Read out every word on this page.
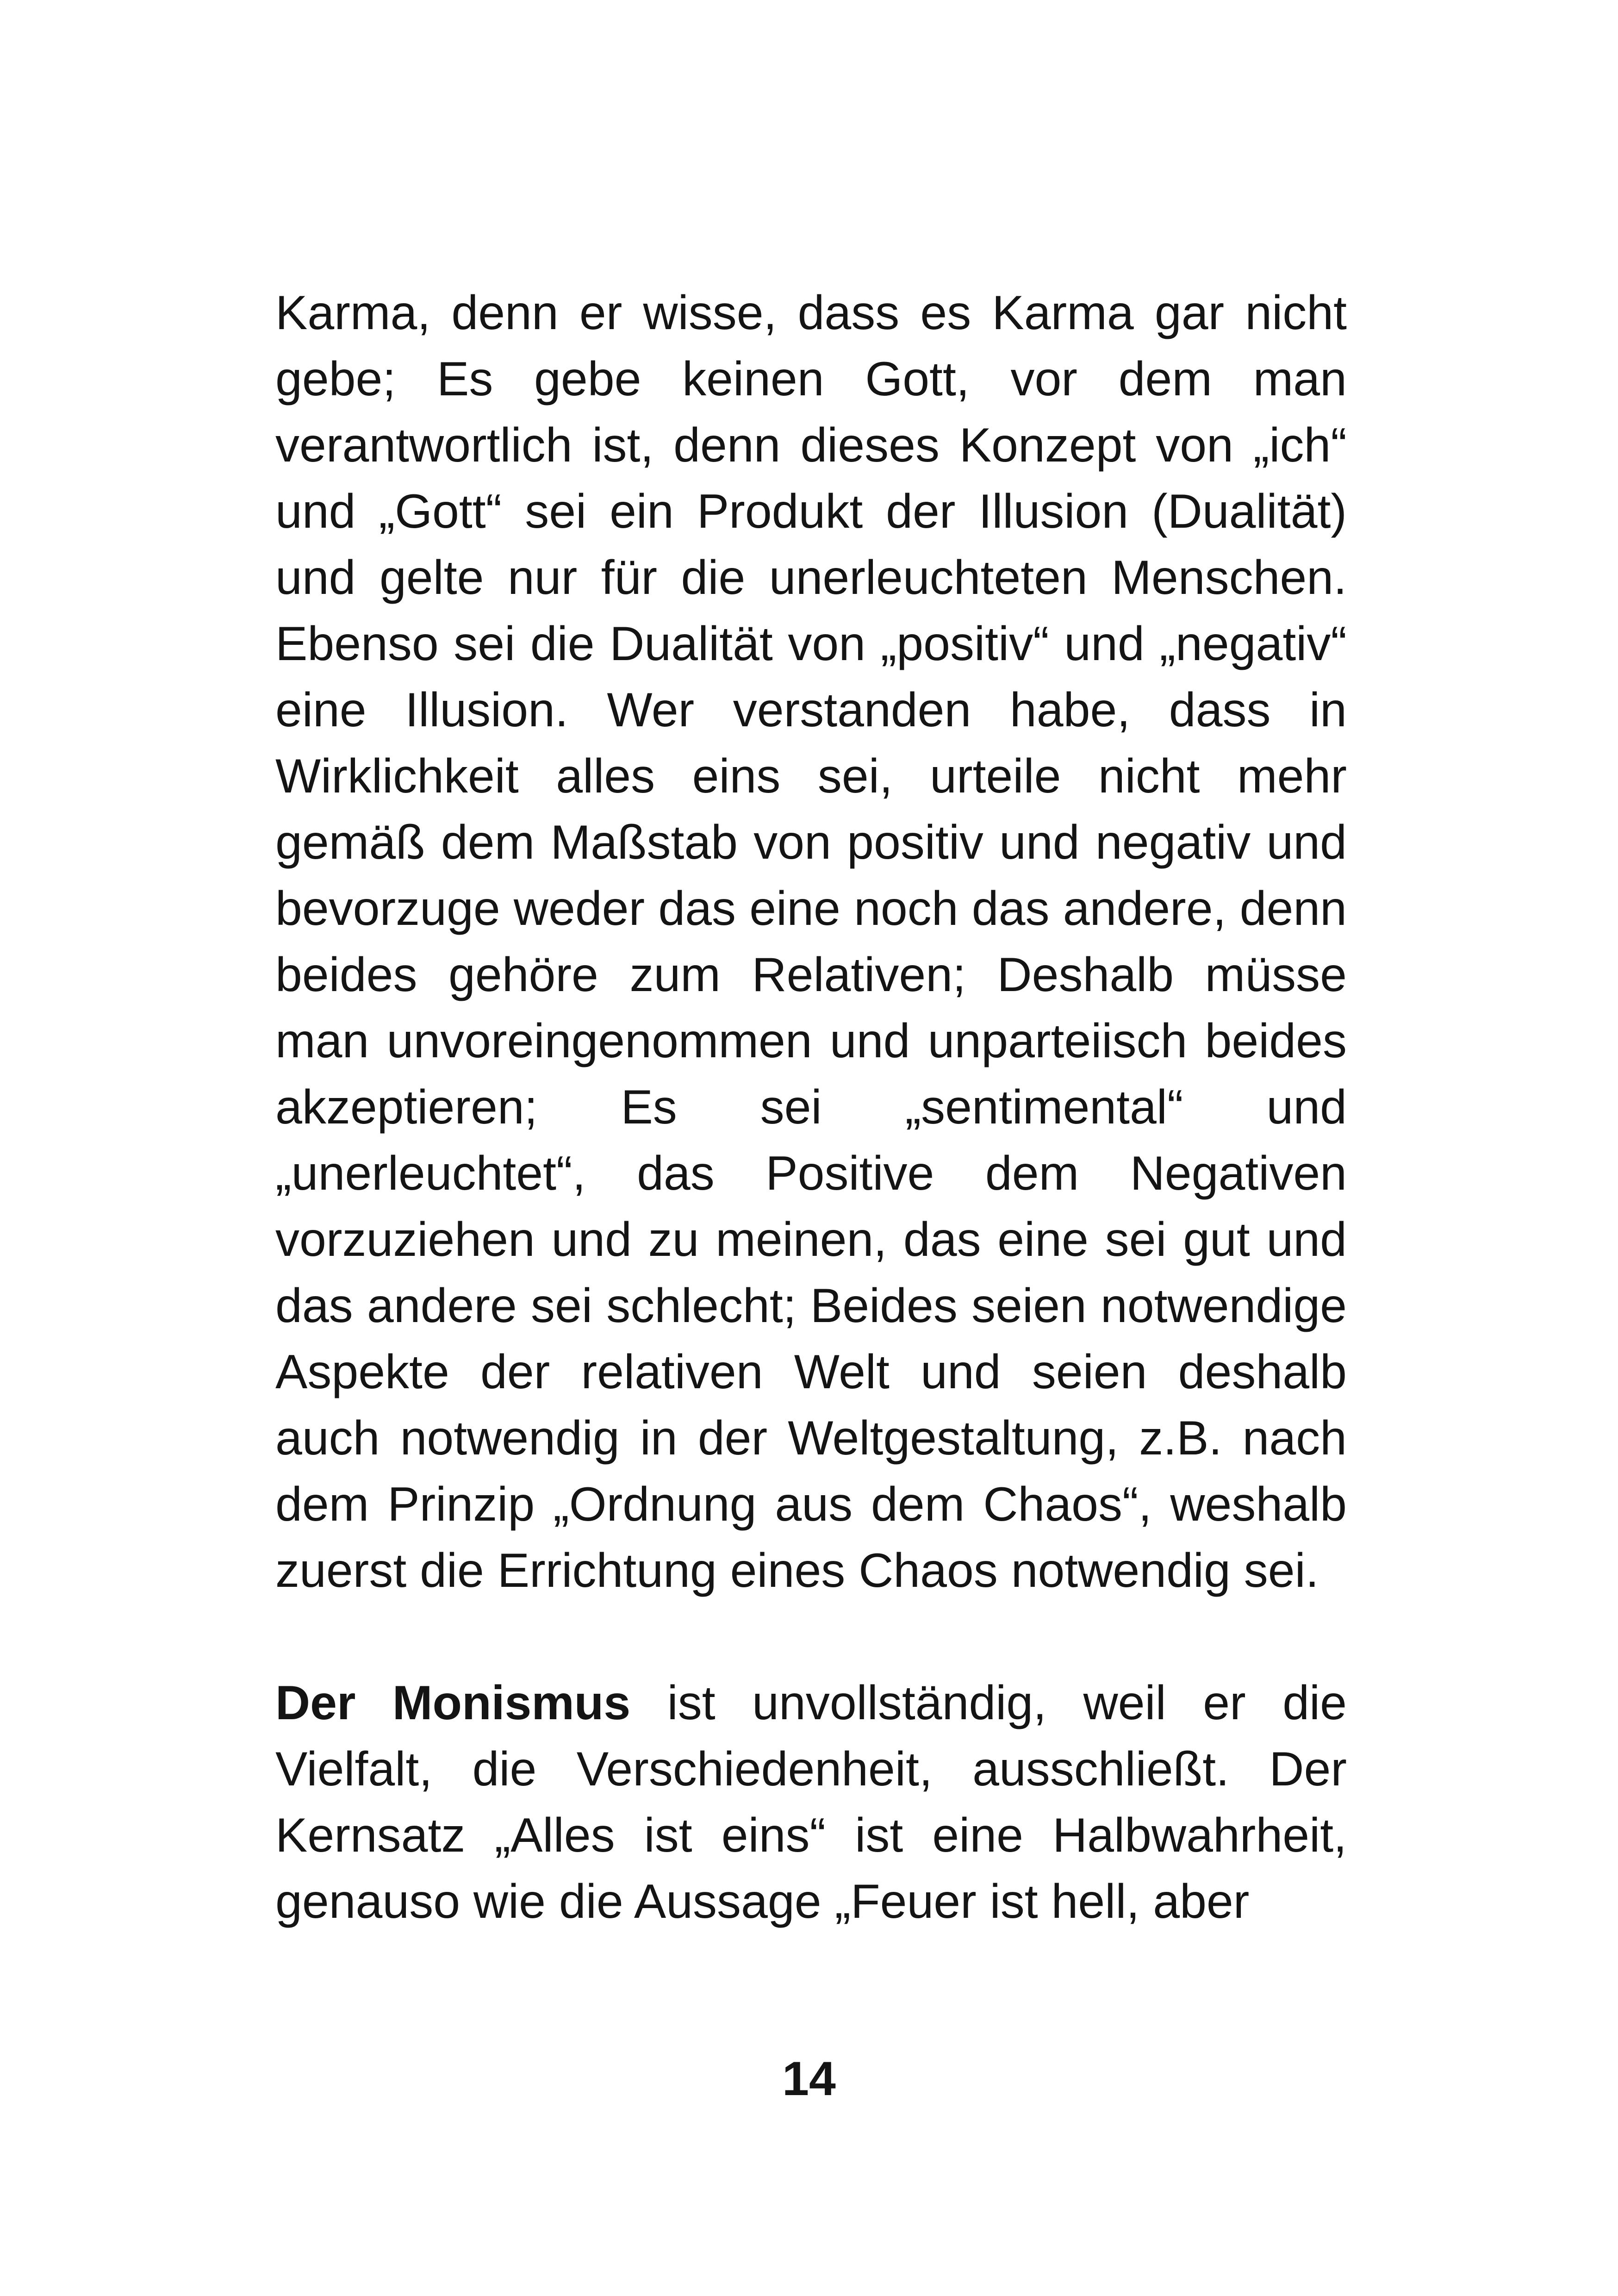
Karma, denn er wisse, dass es Karma gar nicht gebe; Es gebe keinen Gott, vor dem man verantwortlich ist, denn dieses Konzept von „ich“ und „Gott“ sei ein Produkt der Illusion (Dualität) und gelte nur für die unerleuchteten Menschen. Ebenso sei die Dualität von „positiv“ und „negativ“ eine Illusion. Wer verstanden habe, dass in Wirklichkeit alles eins sei, urteile nicht mehr gemäß dem Maßstab von positiv und negativ und bevorzuge weder das eine noch das andere, denn beides gehöre zum Relativen; Deshalb müsse man unvoreingenommen und unparteiisch beides akzeptieren; Es sei „sentimental“ und „unerleuchtet“, das Positive dem Negativen vorzuziehen und zu meinen, das eine sei gut und das andere sei schlecht; Beides seien notwendige Aspekte der relativen Welt und seien deshalb auch notwendig in der Weltgestaltung, z.B. nach dem Prinzip „Ordnung aus dem Chaos“, weshalb zuerst die Errichtung eines Chaos notwendig sei.

Der Monismus ist unvollständig, weil er die Vielfalt, die Verschiedenheit, ausschließt. Der Kernsatz „Alles ist eins“ ist eine Halbwahrheit, genauso wie die Aussage „Feuer ist hell, aber

14
